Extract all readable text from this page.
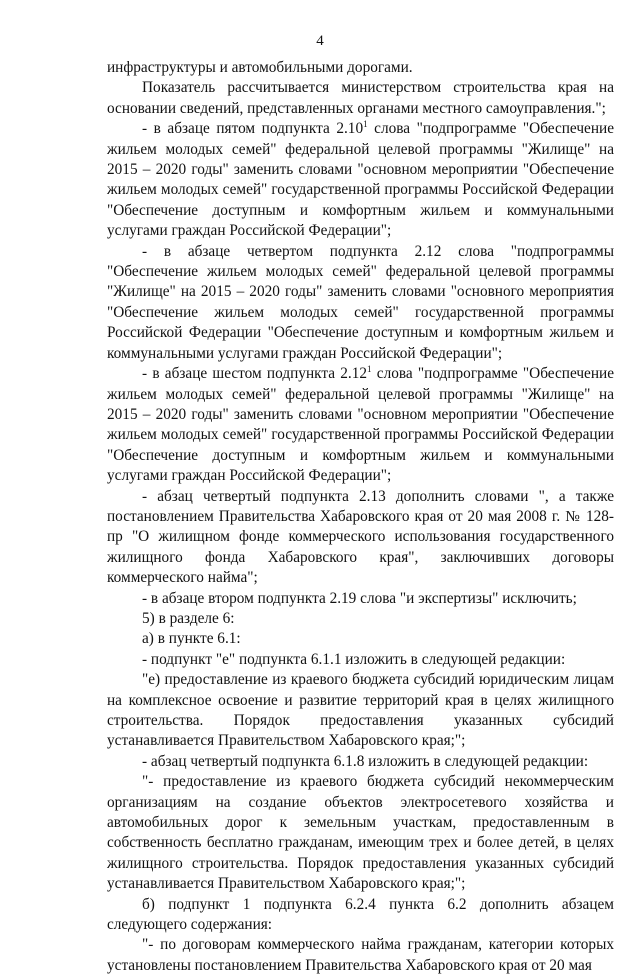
4

инфраструктуры и автомобильными дорогами.

Показатель рассчитывается министерством строительства края на основании сведений, представленных органами местного самоуправления.";

- в абзаце пятом подпункта 2.10$^1$ слова "подпрограмме "Обеспечение жильем молодых семей" федеральной целевой программы "Жилище" на 2015 – 2020 годы" заменить словами "основном мероприятии "Обеспечение жильем молодых семей" государственной программы Российской Федерации "Обеспечение доступным и комфортным жильем и коммунальными услугами граждан Российской Федерации";

- в абзаце четвертом подпункта 2.12 слова "подпрограммы "Обеспечение жильем молодых семей" федеральной целевой программы "Жилище" на 2015 – 2020 годы" заменить словами "основного мероприятия "Обеспечение жильем молодых семей" государственной программы Российской Федерации "Обеспечение доступным и комфортным жильем и коммунальными услугами граждан Российской Федерации";

- в абзаце шестом подпункта 2.12$^1$ слова "подпрограмме "Обеспечение жильем молодых семей" федеральной целевой программы "Жилище" на 2015 – 2020 годы" заменить словами "основном мероприятии "Обеспечение жильем молодых семей" государственной программы Российской Федерации "Обеспечение доступным и комфортным жильем и коммунальными услугами граждан Российской Федерации";

- абзац четвертый подпункта 2.13 дополнить словами ", а также постановлением Правительства Хабаровского края от 20 мая 2008 г. № 128-пр "О жилищном фонде коммерческого использования государственного жилищного фонда Хабаровского края", заключивших договоры коммерческого найма";

- в абзаце втором подпункта 2.19 слова "и экспертизы" исключить;

5) в разделе 6:

а) в пункте 6.1:

- подпункт "е" подпункта 6.1.1 изложить в следующей редакции:

"е) предоставление из краевого бюджета субсидий юридическим лицам на комплексное освоение и развитие территорий края в целях жилищного строительства. Порядок предоставления указанных субсидий устанавливается Правительством Хабаровского края;";

- абзац четвертый подпункта 6.1.8 изложить в следующей редакции:

"- предоставление из краевого бюджета субсидий некоммерческим организациям на создание объектов электросетевого хозяйства и автомобильных дорог к земельным участкам, предоставленным в собственность бесплатно гражданам, имеющим трех и более детей, в целях жилищного строительства. Порядок предоставления указанных субсидий устанавливается Правительством Хабаровского края;";

б) подпункт 1 подпункта 6.2.4 пункта 6.2 дополнить абзацем следующего содержания:

"- по договорам коммерческого найма гражданам, категории которых установлены постановлением Правительства Хабаровского края от 20 мая
